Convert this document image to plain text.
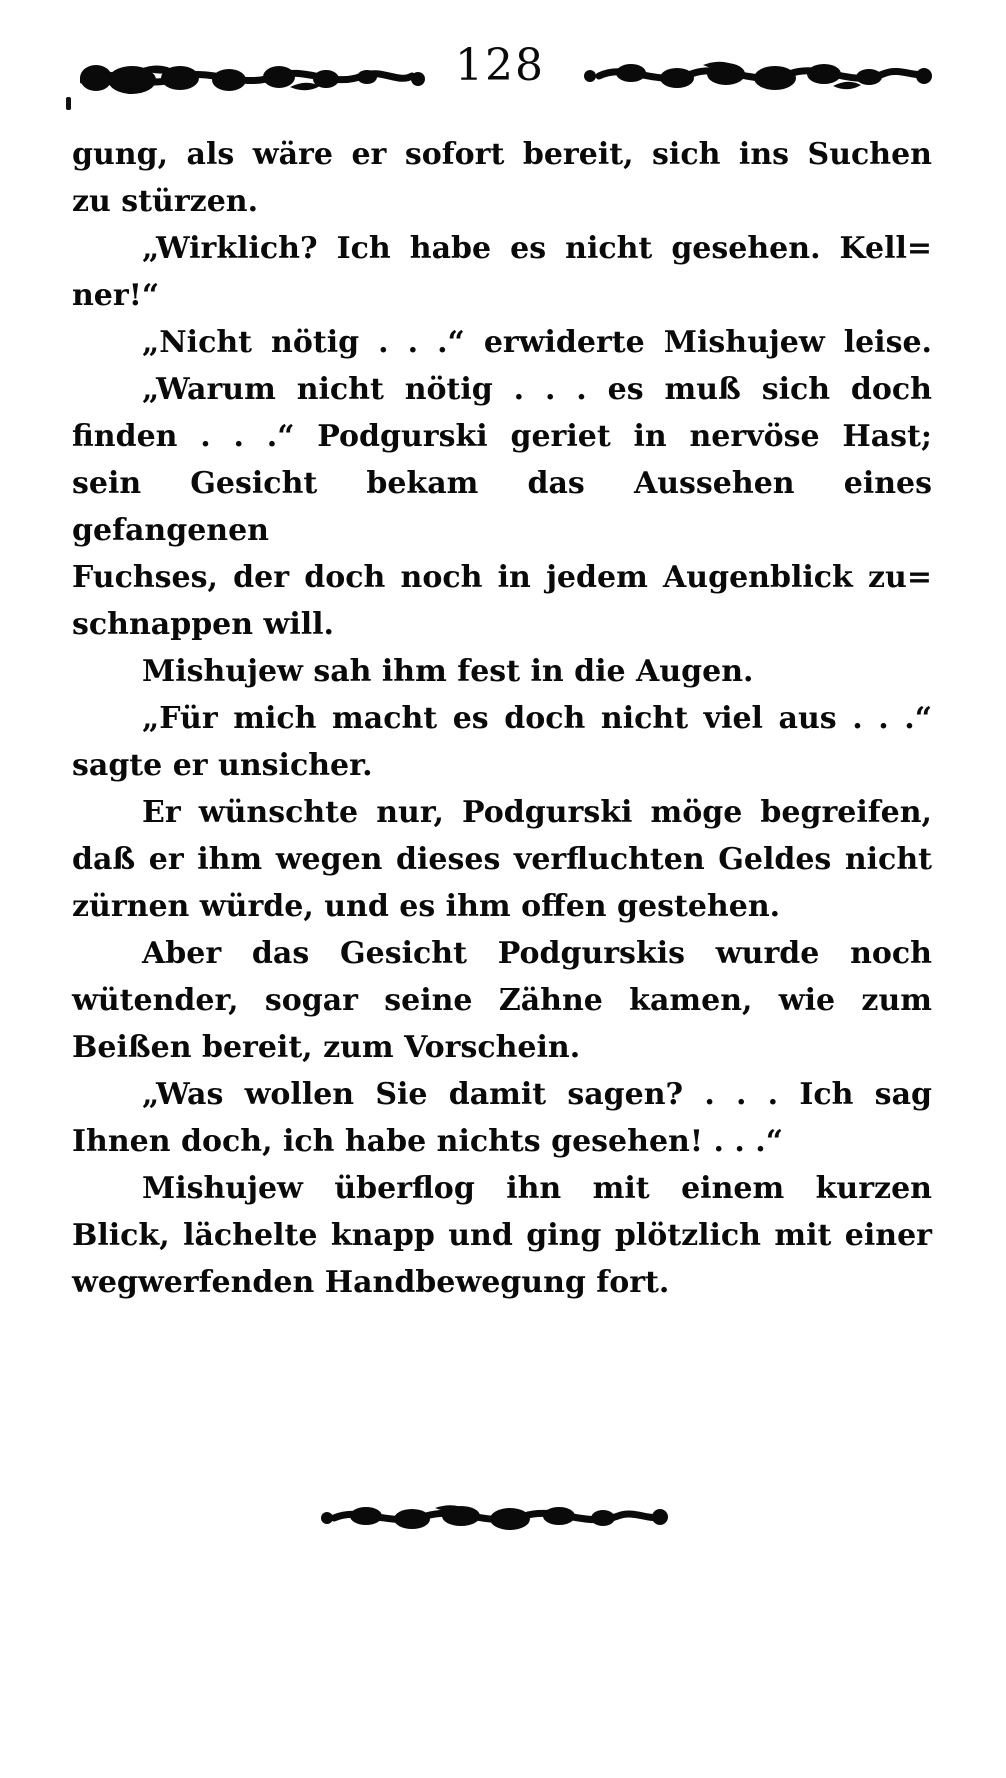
128
gung, als wäre er sofort bereit, sich ins Suchen
zu stürzen.
„Wirklich? Ich habe es nicht gesehen. Kell=
ner!“
„Nicht nötig . . .“ erwiderte Mishujew leise.
„Warum nicht nötig . . . es muß sich doch
finden . . .“ Podgurski geriet in nervöse Hast;
sein Gesicht bekam das Aussehen eines gefangenen
Fuchses, der doch noch in jedem Augenblick zu=
schnappen will.
Mishujew sah ihm fest in die Augen.
„Für mich macht es doch nicht viel aus . . .“
sagte er unsicher.
Er wünschte nur, Podgurski möge begreifen,
daß er ihm wegen dieses verfluchten Geldes nicht
zürnen würde, und es ihm offen gestehen.
Aber das Gesicht Podgurskis wurde noch
wütender, sogar seine Zähne kamen, wie zum
Beißen bereit, zum Vorschein.
„Was wollen Sie damit sagen? . . . Ich sag
Ihnen doch, ich habe nichts gesehen! . . .“
Mishujew überflog ihn mit einem kurzen
Blick, lächelte knapp und ging plötzlich mit einer
wegwerfenden Handbewegung fort.
